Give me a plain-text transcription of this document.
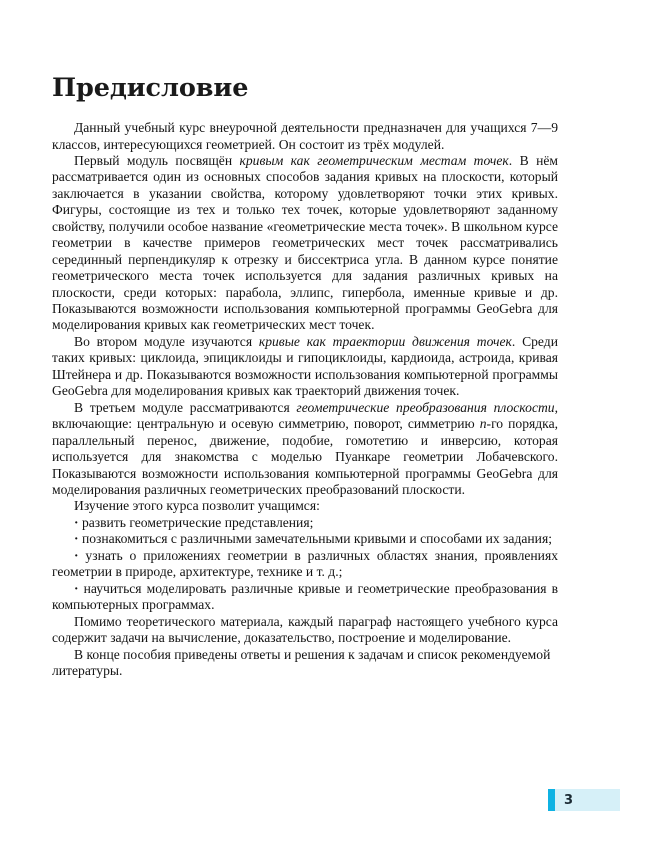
Предисловие

Данный учебный курс внеурочной деятельности предназначен для учащихся 7—9 классов, интересующихся геометрией. Он состоит из трёх модулей.

Первый модуль посвящён кривым как геометрическим местам точек. В нём рассматривается один из основных способов задания кривых на плоскости, который заключается в указании свойства, которому удовлетворяют точки этих кривых. Фигуры, состоящие из тех и только тех точек, которые удовлетворяют заданному свойству, получили особое название «геометрические места точек». В школьном курсе геометрии в качестве примеров геометрических мест точек рассматривались серединный перпендикуляр к отрезку и биссектриса угла. В данном курсе понятие геометрического места точек используется для задания различных кривых на плоскости, среди которых: парабола, эллипс, гипербола, именные кривые и др. Показываются возможности использования компьютерной программы GeoGebra для моделирования кривых как геометрических мест точек.

Во втором модуле изучаются кривые как траектории движения точек. Среди таких кривых: циклоида, эпициклоиды и гипоциклоиды, кардиоида, астроида, кривая Штейнера и др. Показываются возможности использования компьютерной программы GeoGebra для моделирования кривых как траекторий движения точек.

В третьем модуле рассматриваются геометрические преобразования плоскости, включающие: центральную и осевую симметрию, поворот, симметрию n-го порядка, параллельный перенос, движение, подобие, гомотетию и инверсию, которая используется для знакомства с моделью Пуанкаре геометрии Лобачевского. Показываются возможности использования компьютерной программы GeoGebra для моделирования различных геометрических преобразований плоскости.

Изучение этого курса позволит учащимся:

· развить геометрические представления;

· познакомиться с различными замечательными кривыми и способами их задания;

· узнать о приложениях геометрии в различных областях знания, проявлениях геометрии в природе, архитектуре, технике и т. д.;

· научиться моделировать различные кривые и геометрические преобразования в компьютерных программах.

Помимо теоретического материала, каждый параграф настоящего учебного курса содержит задачи на вычисление, доказательство, построение и моделирование.

В конце пособия приведены ответы и решения к задачам и список рекомендуемой литературы.

3
